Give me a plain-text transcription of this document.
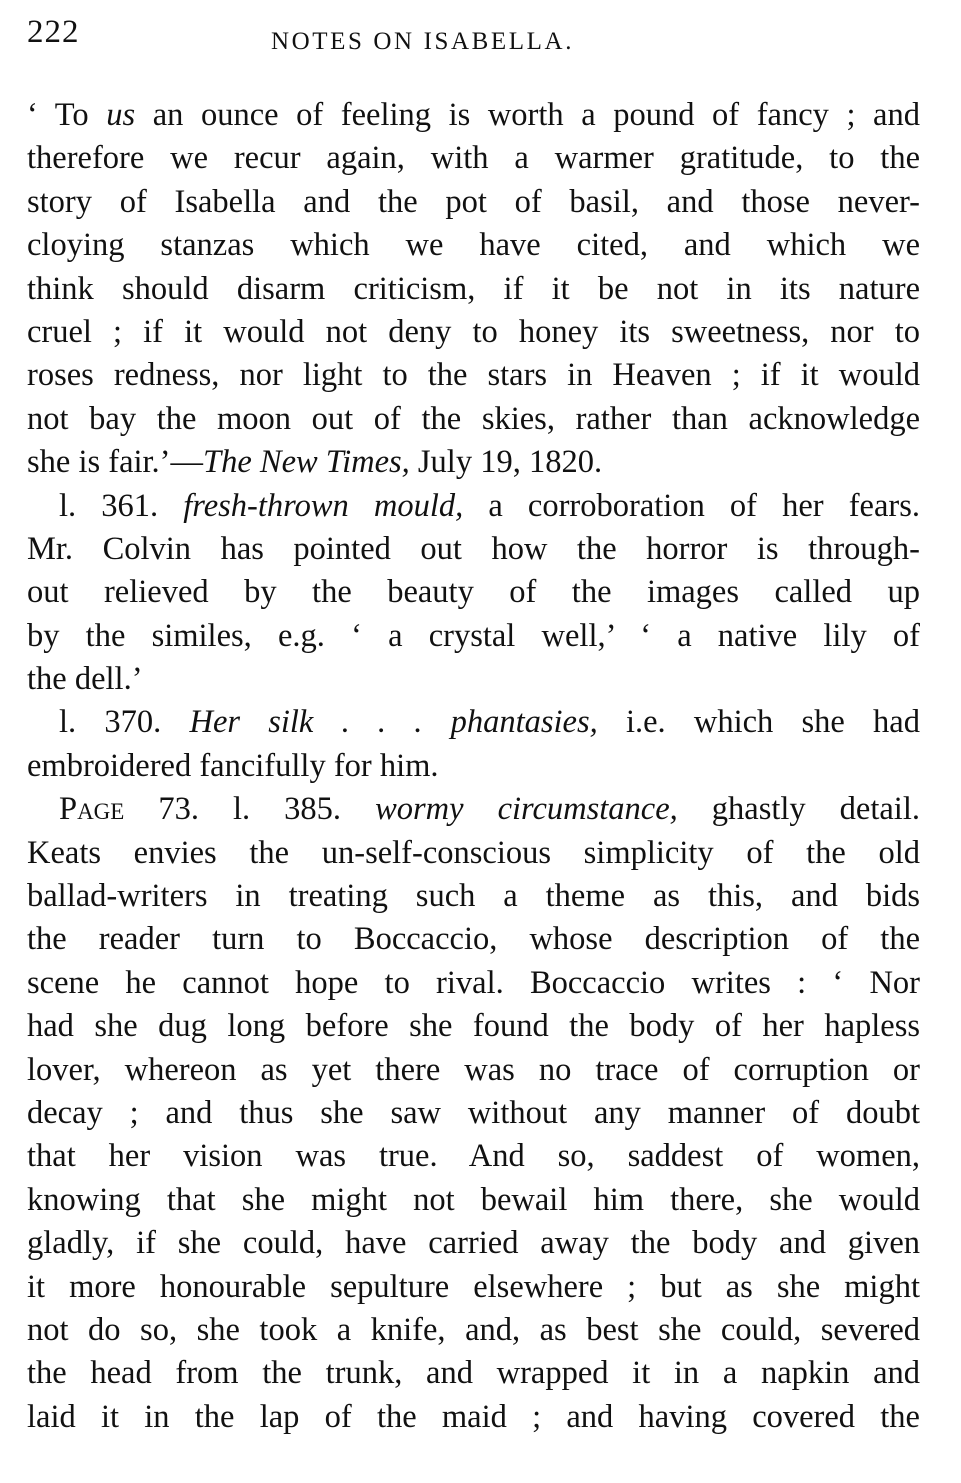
222	NOTES ON ISABELLA.
‘ To us an ounce of feeling is worth a pound of fancy ; and
therefore we recur again, with a warmer gratitude, to the
story of Isabella and the pot of basil, and those never-
cloying stanzas which we have cited, and which we
think should disarm criticism, if it be not in its nature
cruel ; if it would not deny to honey its sweetness, nor to
roses redness, nor light to the stars in Heaven ; if it would
not bay the moon out of the skies, rather than acknowledge
she is fair.’—The New Times, July 19, 1820.
l. 361. fresh-thrown mould, a corroboration of her fears.
Mr. Colvin has pointed out how the horror is through-
out relieved by the beauty of the images called up
by the similes, e.g. ‘ a crystal well,’ ‘ a native lily of
the dell.’
l. 370. Her silk . . . phantasies, i.e. which she had
embroidered fancifully for him.
Page 73. l. 385. wormy circumstance, ghastly detail.
Keats envies the un-self-conscious simplicity of the old
ballad-writers in treating such a theme as this, and bids
the reader turn to Boccaccio, whose description of the
scene he cannot hope to rival. Boccaccio writes : ‘ Nor
had she dug long before she found the body of her hapless
lover, whereon as yet there was no trace of corruption or
decay ; and thus she saw without any manner of doubt
that her vision was true. And so, saddest of women,
knowing that she might not bewail him there, she would
gladly, if she could, have carried away the body and given
it more honourable sepulture elsewhere ; but as she might
not do so, she took a knife, and, as best she could, severed
the head from the trunk, and wrapped it in a napkin and
laid it in the lap of the maid ; and having covered the
